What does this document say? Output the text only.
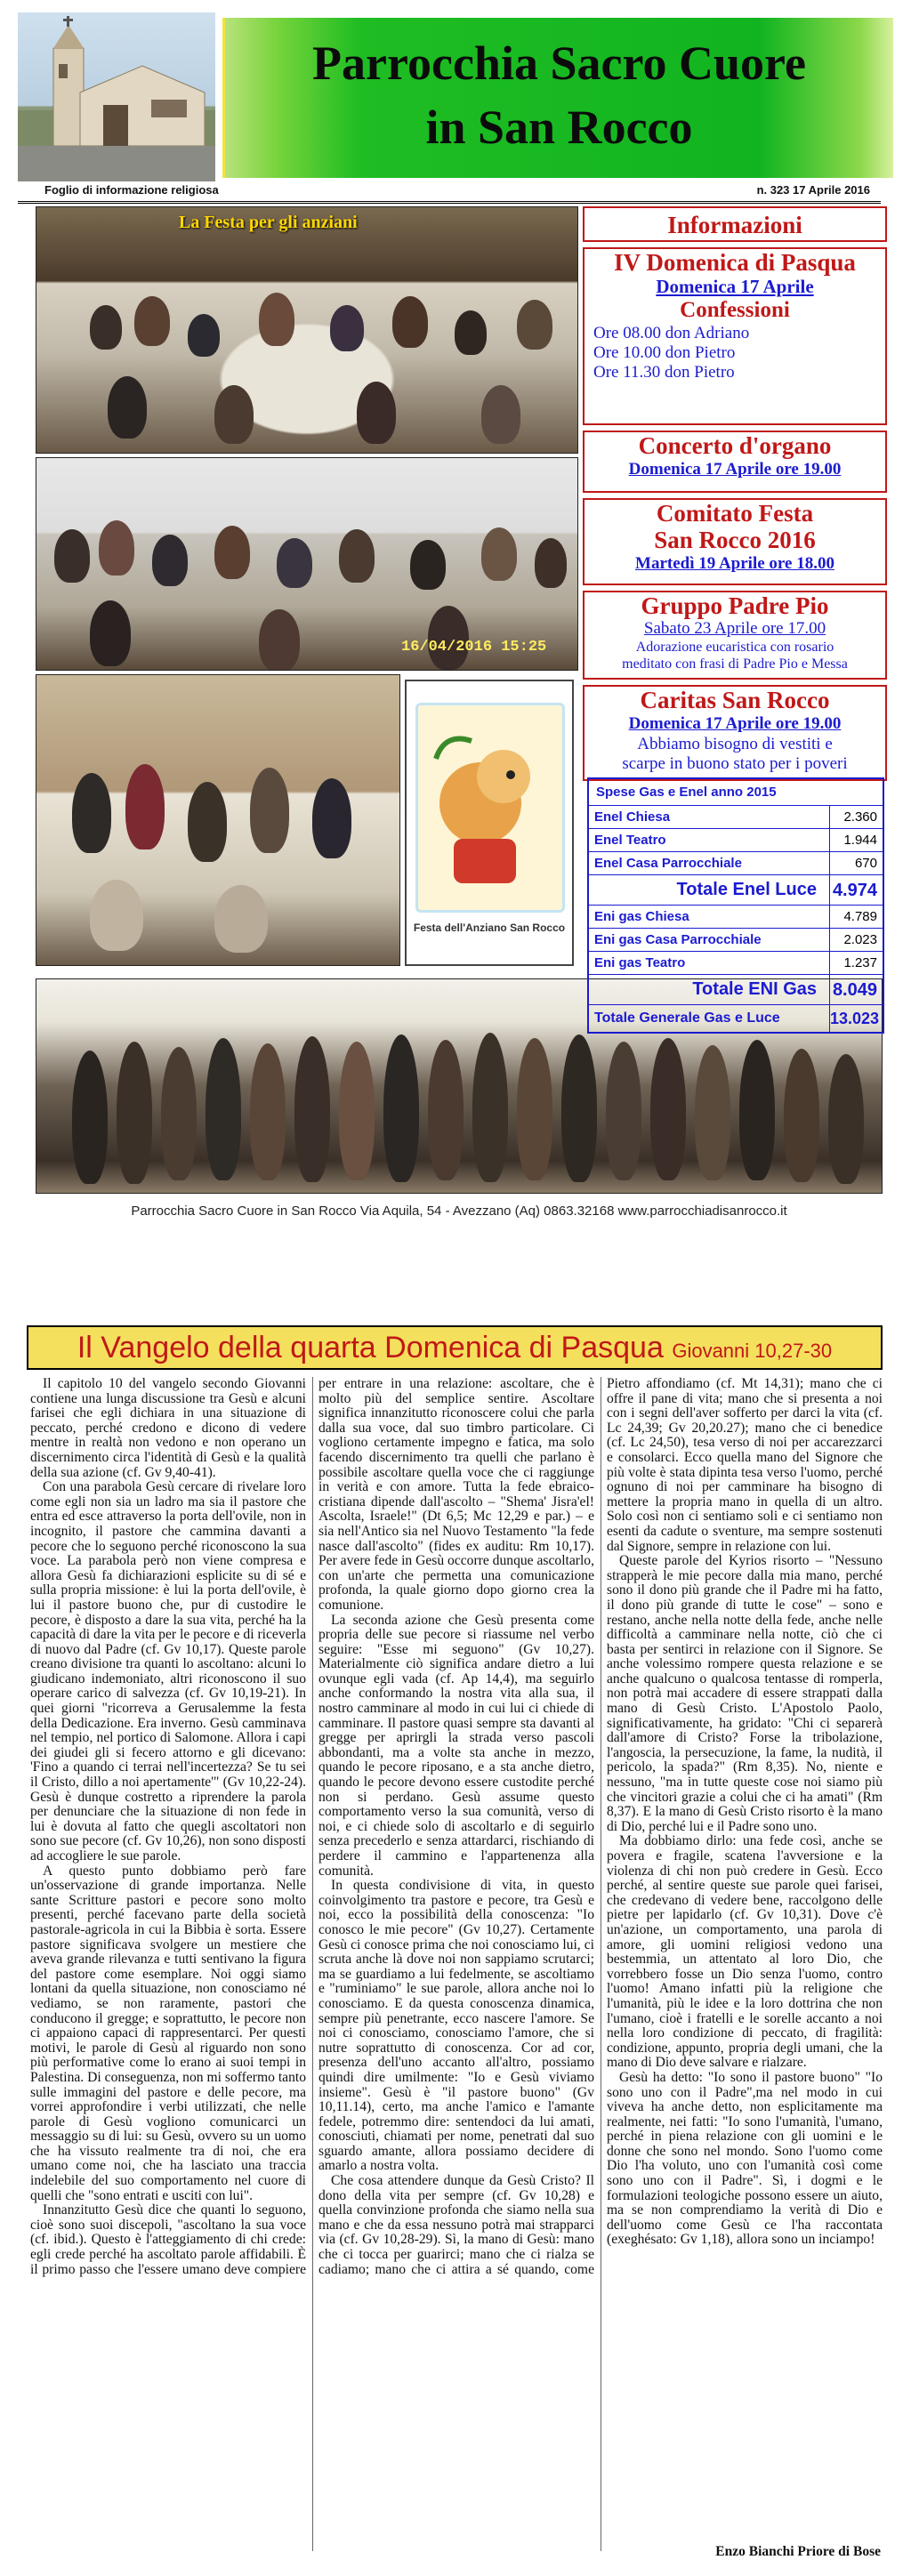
Parrocchia Sacro Cuore
in San Rocco
Foglio di informazione religiosa	n. 323 17 Aprile 2016
La Festa per gli anziani
16/04/2016 15:25
Festa dell'Anziano San Rocco
Parrocchia Sacro Cuore in San Rocco Via Aquila, 54 - Avezzano (Aq) 0863.32168 www.parrocchiadisanrocco.it
Informazioni
IV Domenica di Pasqua
Domenica 17 Aprile
Confessioni
Ore 08.00 don Adriano
Ore 10.00 don Pietro
Ore 11.30 don Pietro
Concerto d'organo
Domenica 17 Aprile ore 19.00
Comitato Festa
San Rocco 2016
Martedì 19 Aprile ore 18.00
Gruppo Padre Pio
Sabato 23 Aprile ore 17.00
Adorazione eucaristica con rosario
meditato con frasi di Padre Pio e Messa
Caritas San Rocco
Domenica 17 Aprile ore 19.00
Abbiamo bisogno di vestiti e
scarpe in buono stato per i poveri
Spese Gas e Enel anno 2015
Enel Chiesa	2.360
Enel Teatro	1.944
Enel Casa Parrocchiale	670
Totale Enel Luce 4.974
Eni gas Chiesa	4.789
Eni gas Casa Parrocchiale	2.023
Eni gas Teatro	1.237
Totale ENI Gas 8.049
Totale Generale Gas e Luce	13.023
Il Vangelo della quarta Domenica di Pasqua Giovanni 10,27-30

Il capitolo 10 del vangelo secondo Giovanni contiene una lunga discussione tra Gesù e alcuni farisei che egli dichiara in una situazione di peccato, perché credono e dicono di vedere mentre in realtà non vedono e non operano un discernimento circa l'identità di Gesù e la qualità della sua azione (cf. Gv 9,40-41).

Con una parabola Gesù cercare di rivelare loro come egli non sia un ladro ma sia il pastore che entra ed esce attraverso la porta dell'ovile, non in incognito, il pastore che cammina davanti a pecore che lo seguono perché riconoscono la sua voce. La parabola però non viene compresa e allora Gesù fa dichiarazioni esplicite su di sé e sulla propria missione: è lui la porta dell'ovile, è lui il pastore buono che, pur di custodire le pecore, è disposto a dare la sua vita, perché ha la capacità di dare la vita per le pecore e di riceverla di nuovo dal Padre (cf. Gv 10,17). Queste parole creano divisione tra quanti lo ascoltano: alcuni lo giudicano indemoniato, altri riconoscono il suo operare carico di salvezza (cf. Gv 10,19-21). In quei giorni "ricorreva a Gerusalemme la festa della Dedicazione. Era inverno. Gesù camminava nel tempio, nel portico di Salomone. Allora i capi dei giudei gli si fecero attorno e gli dicevano: 'Fino a quando ci terrai nell'incertezza? Se tu sei il Cristo, dillo a noi apertamente'" (Gv 10,22-24). Gesù è dunque costretto a riprendere la parola per denunciare che la situazione di non fede in lui è dovuta al fatto che quegli ascoltatori non sono sue pecore (cf. Gv 10,26), non sono disposti ad accogliere le sue parole.

A questo punto dobbiamo però fare un'osservazione di grande importanza. Nelle sante Scritture pastori e pecore sono molto presenti, perché facevano parte della società pastorale-agricola in cui la Bibbia è sorta. Essere pastore significava svolgere un mestiere che aveva grande rilevanza e tutti sentivano la figura del pastore come esemplare. Noi oggi siamo lontani da quella situazione, non conosciamo né vediamo, se non raramente, pastori che conducono il gregge; e soprattutto, le pecore non ci appaiono capaci di rappresentarci. Per questi motivi, le parole di Gesù al riguardo non sono più performative come lo erano ai suoi tempi in Palestina. Di conseguenza, non mi soffermo tanto sulle immagini del pastore e delle pecore, ma vorrei approfondire i verbi utilizzati, che nelle parole di Gesù vogliono comunicarci un messaggio su di lui: su Gesù, ovvero su un uomo che ha vissuto realmente tra di noi, che era umano come noi, che ha lasciato una traccia indelebile del suo comportamento nel cuore di quelli che "sono entrati e usciti con lui".

Innanzitutto Gesù dice che quanti lo seguono, cioè sono suoi discepoli, "ascoltano la sua voce (cf. ibid.). Questo è l'atteggiamento di chi crede: egli crede perché ha ascoltato parole affidabili. È il primo passo che l'essere umano deve compiere per entrare in una relazione: ascoltare, che è molto più del semplice sentire. Ascoltare significa innanzitutto riconoscere colui che parla dalla sua voce, dal suo timbro particolare. Ci vogliono certamente impegno e fatica, ma solo facendo discernimento tra quelli che parlano è possibile ascoltare quella voce che ci raggiunge in verità e con amore. Tutta la fede ebraico-cristiana dipende dall'ascolto – "Shema' Jisra'el! Ascolta, Israele!" (Dt 6,5; Mc 12,29 e par.) – e sia nell'Antico sia nel Nuovo Testamento "la fede nasce dall'ascolto" (fides ex auditu: Rm 10,17). Per avere fede in Gesù occorre dunque ascoltarlo, con un'arte che permetta una comunicazione profonda, la quale giorno dopo giorno crea la comunione.

La seconda azione che Gesù presenta come propria delle sue pecore si riassume nel verbo seguire: "Esse mi seguono" (Gv 10,27). Materialmente ciò significa andare dietro a lui ovunque egli vada (cf. Ap 14,4), ma seguirlo anche conformando la nostra vita alla sua, il nostro camminare al modo in cui lui ci chiede di camminare. Il pastore quasi sempre sta davanti al gregge per aprirgli la strada verso pascoli abbondanti, ma a volte sta anche in mezzo, quando le pecore riposano, e a sta anche dietro, quando le pecore devono essere custodite perché non si perdano. Gesù assume questo comportamento verso la sua comunità, verso di noi, e ci chiede solo di ascoltarlo e di seguirlo senza precederlo e senza attardarci, rischiando di perdere il cammino e l'appartenenza alla comunità.

In questa condivisione di vita, in questo coinvolgimento tra pastore e pecore, tra Gesù e noi, ecco la possibilità della conoscenza: "Io conosco le mie pecore" (Gv 10,27). Certamente Gesù ci conosce prima che noi conosciamo lui, ci scruta anche là dove noi non sappiamo scrutarci; ma se guardiamo a lui fedelmente, se ascoltiamo e "ruminiamo" le sue parole, allora anche noi lo conosciamo. E da questa conoscenza dinamica, sempre più penetrante, ecco nascere l'amore. Se noi ci conosciamo, conosciamo l'amore, che si nutre soprattutto di conoscenza. Cor ad cor, presenza dell'uno accanto all'altro, possiamo quindi dire umilmente: "Io e Gesù viviamo insieme". Gesù è "il pastore buono" (Gv 10,11.14), certo, ma anche l'amico e l'amante fedele, potremmo dire: sentendoci da lui amati, conosciuti, chiamati per nome, penetrati dal suo sguardo amante, allora possiamo decidere di amarlo a nostra volta.

Che cosa attendere dunque da Gesù Cristo? Il dono della vita per sempre (cf. Gv 10,28) e quella convinzione profonda che siamo nella sua mano e che da essa nessuno potrà mai strapparci via (cf. Gv 10,28-29). Sì, la mano di Gesù: mano che ci tocca per guarirci; mano che ci rialza se cadiamo; mano che ci attira a sé quando, come Pietro affondiamo (cf. Mt 14,31); mano che ci offre il pane di vita; mano che si presenta a noi con i segni dell'aver sofferto per darci la vita (cf. Lc 24,39; Gv 20,20.27); mano che ci benedice (cf. Lc 24,50), tesa verso di noi per accarezzarci e consolarci. Ecco quella mano del Signore che più volte è stata dipinta tesa verso l'uomo, perché ognuno di noi per camminare ha bisogno di mettere la propria mano in quella di un altro. Solo così non ci sentiamo soli e ci sentiamo non esenti da cadute o sventure, ma sempre sostenuti dal Signore, sempre in relazione con lui.

Queste parole del Kyrios risorto – "Nessuno strapperà le mie pecore dalla mia mano, perché sono il dono più grande che il Padre mi ha fatto, il dono più grande di tutte le cose" – sono e restano, anche nella notte della fede, anche nelle difficoltà a camminare nella notte, ciò che ci basta per sentirci in relazione con il Signore. Se anche volessimo rompere questa relazione e se anche qualcuno o qualcosa tentasse di romperla, non potrà mai accadere di essere strappati dalla mano di Gesù Cristo. L'Apostolo Paolo, significativamente, ha gridato: "Chi ci separerà dall'amore di Cristo? Forse la tribolazione, l'angoscia, la persecuzione, la fame, la nudità, il pericolo, la spada?" (Rm 8,35). No, niente e nessuno, "ma in tutte queste cose noi siamo più che vincitori grazie a colui che ci ha amati" (Rm 8,37). E la mano di Gesù Cristo risorto è la mano di Dio, perché lui e il Padre sono uno.

Ma dobbiamo dirlo: una fede così, anche se povera e fragile, scatena l'avversione e la violenza di chi non può credere in Gesù. Ecco perché, al sentire queste sue parole quei farisei, che credevano di vedere bene, raccolgono delle pietre per lapidarlo (cf. Gv 10,31). Dove c'è un'azione, un comportamento, una parola di amore, gli uomini religiosi vedono una bestemmia, un attentato al loro Dio, che vorrebbero fosse un Dio senza l'uomo, contro l'uomo! Amano infatti più la religione che l'umanità, più le idee e la loro dottrina che non l'umano, cioè i fratelli e le sorelle accanto a noi nella loro condizione di peccato, di fragilità: condizione, appunto, propria degli umani, che la mano di Dio deve salvare e rialzare.

Gesù ha detto: "Io sono il pastore buono" "Io sono uno con il Padre",ma nel modo in cui viveva ha anche detto, non esplicitamente ma realmente, nei fatti: "Io sono l'umanità, l'umano, perché in piena relazione con gli uomini e le donne che sono nel mondo. Sono l'uomo come Dio l'ha voluto, uno con l'umanità così come sono uno con il Padre". Sì, i dogmi e le formulazioni teologiche possono essere un aiuto, ma se non comprendiamo la verità di Dio e dell'uomo come Gesù ce l'ha raccontata (exeghésato: Gv 1,18), allora sono un inciampo!

Enzo Bianchi Priore di Bose
